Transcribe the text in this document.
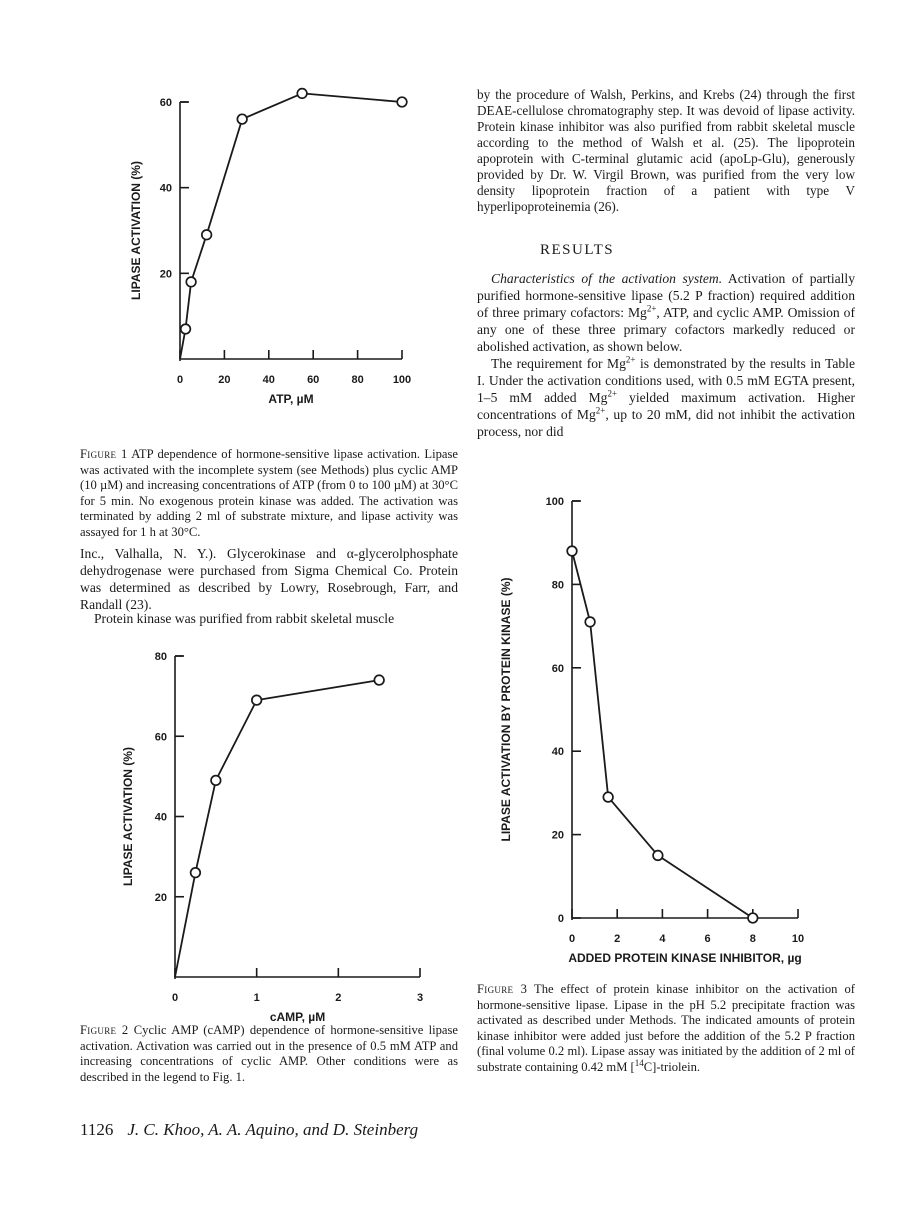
0	20	40	60	80	100
20
40
60
ATP, µM
LIPASE ACTIVATION (%)

Figure 1 ATP dependence of hormone-sensitive lipase activation. Lipase was activated with the incomplete system (see Methods) plus cyclic AMP (10 µM) and increasing concentrations of ATP (from 0 to 100 µM) at 30°C for 5 min. No exogenous protein kinase was added. The activation was terminated by adding 2 ml of substrate mixture, and lipase activity was assayed for 1 h at 30°C.

Inc., Valhalla, N. Y.). Glycerokinase and α-glycerolphosphate dehydrogenase were purchased from Sigma Chemical Co. Protein was determined as described by Lowry, Rosebrough, Farr, and Randall (23).

Protein kinase was purified from rabbit skeletal muscle

0	1	2	3
20
40
60
80
cAMP, µM
LIPASE ACTIVATION (%)

Figure 2 Cyclic AMP (cAMP) dependence of hormone-sensitive lipase activation. Activation was carried out in the presence of 0.5 mM ATP and increasing concentrations of cyclic AMP. Other conditions were as described in the legend to Fig. 1.

by the procedure of Walsh, Perkins, and Krebs (24) through the first DEAE-cellulose chromatography step. It was devoid of lipase activity. Protein kinase inhibitor was also purified from rabbit skeletal muscle according to the method of Walsh et al. (25). The lipoprotein apoprotein with C-terminal glutamic acid (apoLp-Glu), generously provided by Dr. W. Virgil Brown, was purified from the very low density lipoprotein fraction of a patient with type V hyperlipoproteinemia (26).

RESULTS

Characteristics of the activation system. Activation of partially purified hormone-sensitive lipase (5.2 P fraction) required addition of three primary cofactors: $Mg^{2+}$, ATP, and cyclic AMP. Omission of any one of these three primary cofactors markedly reduced or abolished activation, as shown below.

The requirement for $Mg^{2+}$ is demonstrated by the results in Table I. Under the activation conditions used, with 0.5 mM EGTA present, 1–5 mM added $Mg^{2+}$ yielded maximum activation. Higher concentrations of $Mg^{2+}$, up to 20 mM, did not inhibit the activation process, nor did

0	2	4	6	8	10
0
20
40
60
80
100
ADDED PROTEIN KINASE INHIBITOR, µg
LIPASE ACTIVATION BY PROTEIN KINASE (%)

Figure 3 The effect of protein kinase inhibitor on the activation of hormone-sensitive lipase. Lipase in the pH 5.2 precipitate fraction was activated as described under Methods. The indicated amounts of protein kinase inhibitor were added just before the addition of the 5.2 P fraction (final volume 0.2 ml). Lipase assay was initiated by the addition of 2 ml of substrate containing 0.42 mM [$^{14}$C]-triolein.

1126 J. C. Khoo, A. A. Aquino, and D. Steinberg
